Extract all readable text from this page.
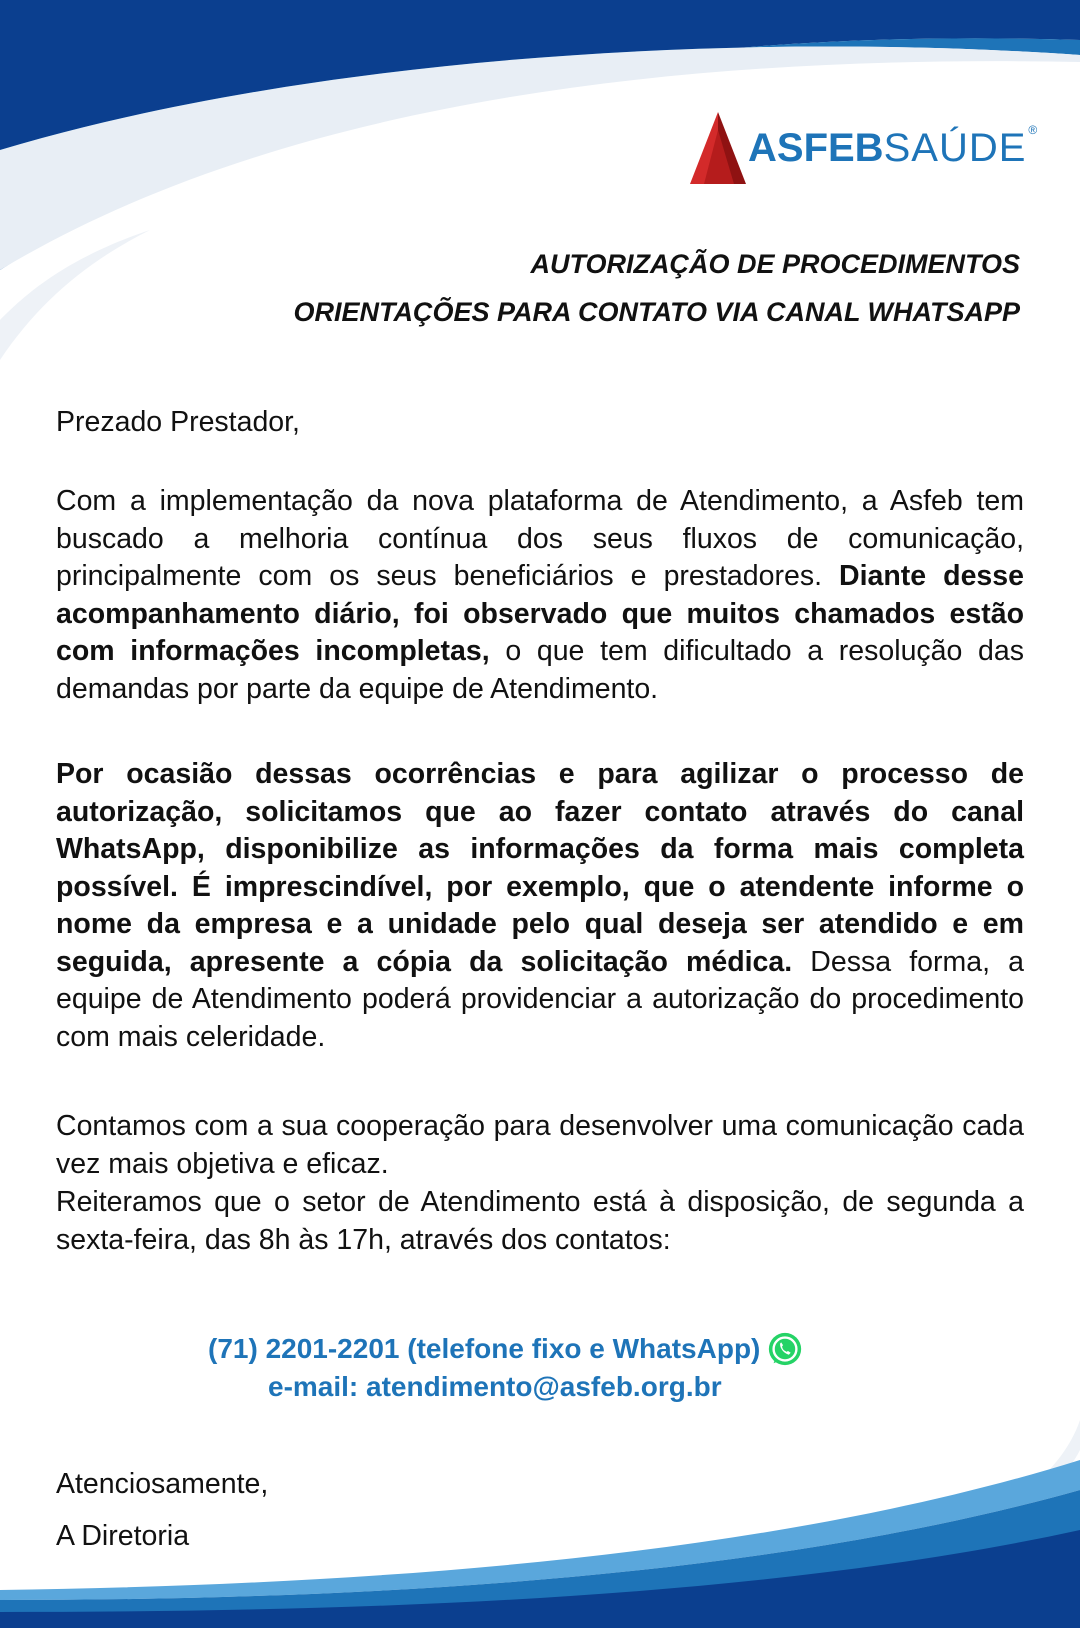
ASFEBSAÚDE ®
AUTORIZAÇÃO DE PROCEDIMENTOS
ORIENTAÇÕES PARA CONTATO VIA CANAL WHATSAPP
Prezado Prestador,
Com a implementação da nova plataforma de Atendimento, a Asfeb tem buscado a melhoria contínua dos seus fluxos de comunicação, principalmente com os seus beneficiários e prestadores. Diante desse acompanhamento diário, foi observado que muitos chamados estão com informações incompletas, o que tem dificultado a resolução das demandas por parte da equipe de Atendimento.
Por ocasião dessas ocorrências e para agilizar o processo de autorização, solicitamos que ao fazer contato através do canal WhatsApp, disponibilize as informações da forma mais completa possível. É imprescindível, por exemplo, que o atendente informe o nome da empresa e a unidade pelo qual deseja ser atendido e em seguida, apresente a cópia da solicitação médica. Dessa forma, a equipe de Atendimento poderá providenciar a autorização do procedimento com mais celeridade.
Contamos com a sua cooperação para desenvolver uma comunicação cada vez mais objetiva e eficaz.
Reiteramos que o setor de Atendimento está à disposição, de segunda a sexta-feira, das 8h às 17h, através dos contatos:
(71) 2201-2201 (telefone fixo e WhatsApp)
e-mail: atendimento@asfeb.org.br
Atenciosamente,
A Diretoria
